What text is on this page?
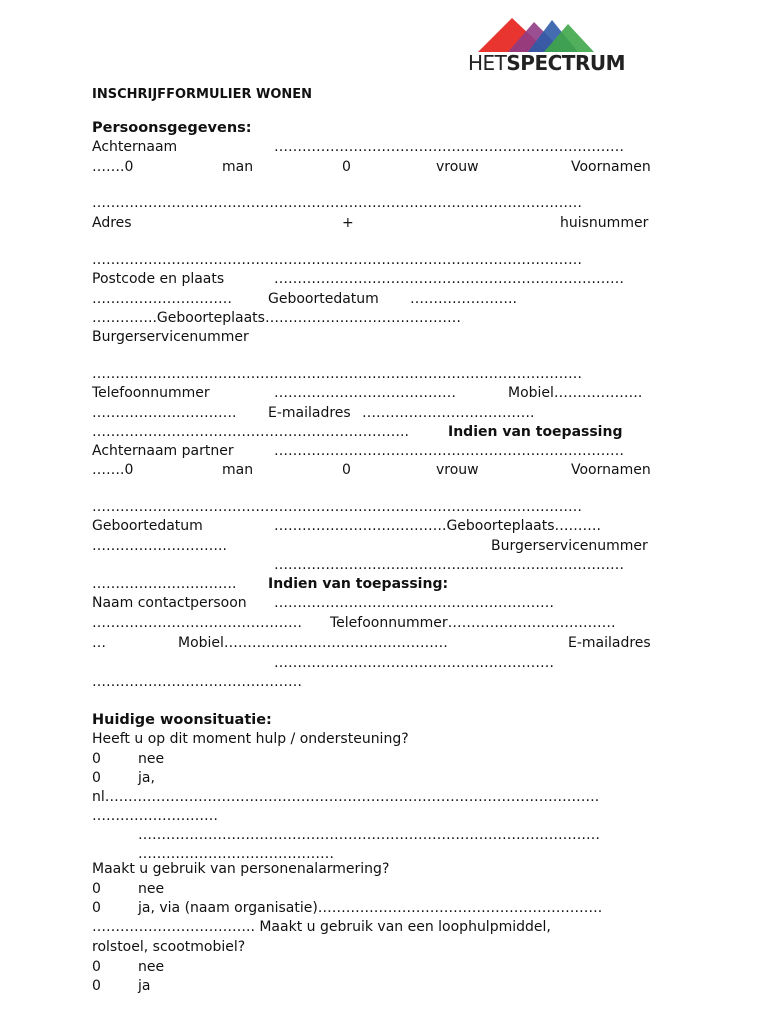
HETSPECTRUM
INSCHRIJFFORMULIER WONEN
Persoonsgegevens:
Achternaam	…………………………………………………………………
…….0	man	0	vrouw	Voornamen
……………………………………………………………………………………………
Adres	+	huisnummer
……………………………………………………………………………………………
Postcode en plaats	…………………………………………………………………
…………………………	Geboortedatum …………………..
…………..Geboorteplaats……………………………………
Burgerservicenummer
……………………………………………………………………………………………
Telefoonnummer	…………………………………	Mobiel……………….
…………………………. E-mailadres ……………………………….
…………………………………………………………..	Indien van toepassing
Achternaam partner	…………………………………………………………………
…….0	man	0	vrouw	Voornamen
……………………………………………………………………………………………
Geboortedatum	……………………………….Geboorteplaats……….
………………………..	Burgerservicenummer
…………………………………………………………………
…………………………. Indien van toepassing:
Naam contactpersoon ……………………………………………………
……………………………………… Telefoonnummer………………………………
…	Mobiel…………………………………………	E-mailadres
……………………………………………………
………………………………………
Huidige woonsituatie:
Heeft u op dit moment hulp / ondersteuning?
0	nee
0	ja,
nl…………………………………………………………………………………………….
………………………
………………………………………………………………………………………
……………………………………
Maakt u gebruik van personenalarmering?
0	nee
0	ja, via (naam organisatie)…………………………………………………….
…………………………….. Maakt u gebruik van een loophulpmiddel,
rolstoel, scootmobiel?
0	nee
0	ja
